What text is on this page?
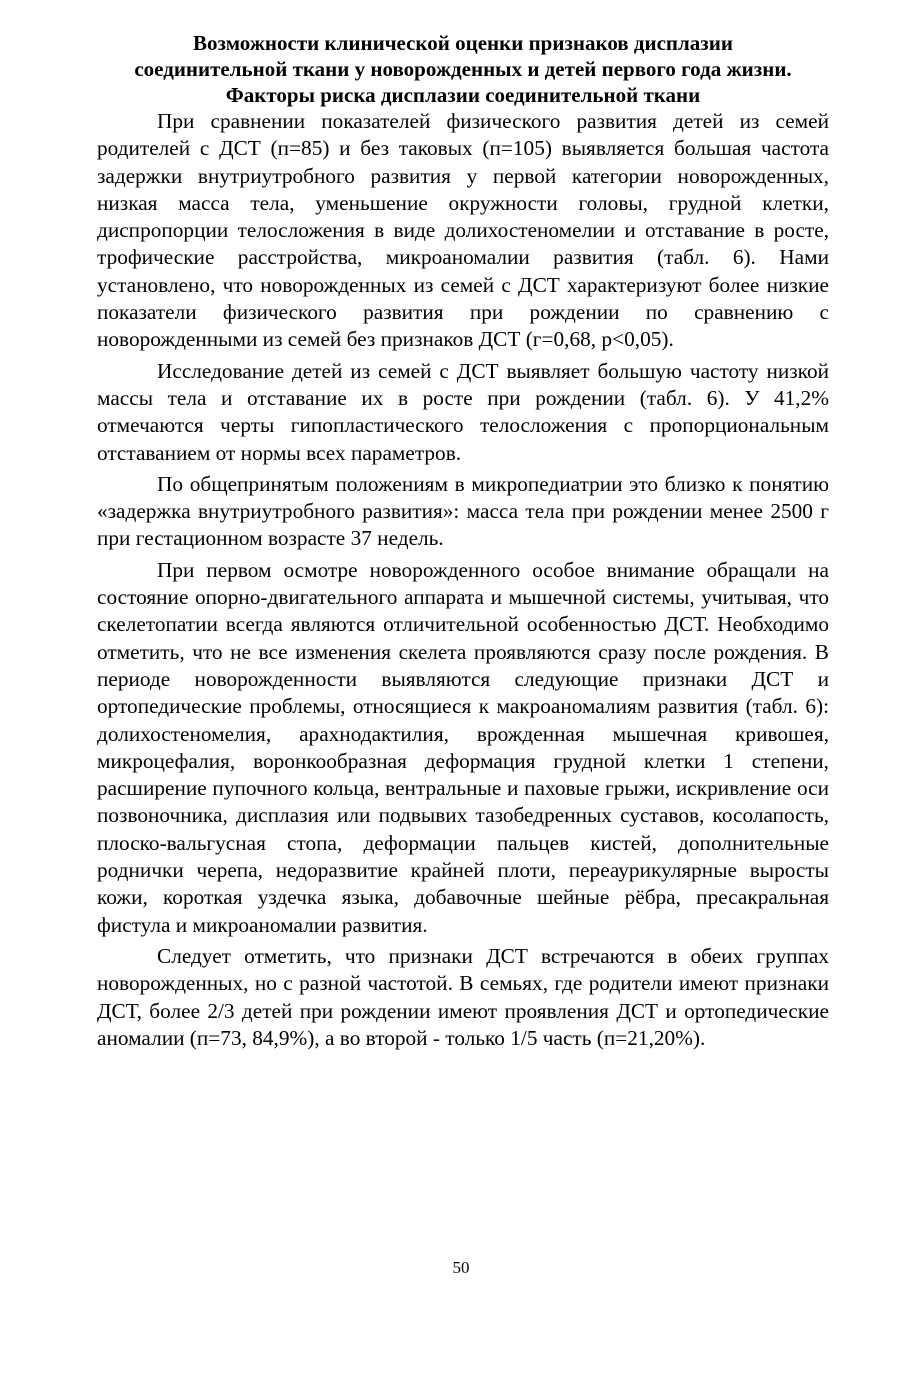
Возможности клинической оценки признаков дисплазии соединительной ткани у новорожденных и детей первого года жизни. Факторы риска дисплазии соединительной ткани

При сравнении показателей физического развития детей из семей родителей с ДСТ (п=85) и без таковых (п=105) выявляется большая частота задержки внутриутробного развития у первой категории новорожденных, низкая масса тела, уменьшение окружности головы, грудной клетки, диспропорции телосложения в виде долихостеномелии и отставание в росте, трофические расстройства, микроаномалии развития (табл. 6). Нами установлено, что новорожденных из семей с ДСТ характеризуют более низкие показатели физического развития при рождении по сравнению с новорожденными из семей без признаков ДСТ (г=0,68, р<0,05).

Исследование детей из семей с ДСТ выявляет большую частоту низкой массы тела и отставание их в росте при рождении (табл. 6). У 41,2% отмечаются черты гипопластического телосложения с пропорциональным отставанием от нормы всех параметров.

По общепринятым положениям в микропедиатрии это близко к понятию «задержка внутриутробного развития»: масса тела при рождении менее 2500 г при гестационном возрасте 37 недель.

При первом осмотре новорожденного особое внимание обращали на состояние опорно-двигательного аппарата и мышечной системы, учитывая, что скелетопатии всегда являются отличительной особенностью ДСТ. Необходимо отметить, что не все изменения скелета проявляются сразу после рождения. В периоде новорожденности выявляются следующие признаки ДСТ и ортопедические проблемы, относящиеся к макроаномалиям развития (табл. 6): долихостеномелия, арахнодактилия, врожденная мышечная кривошея, микроцефалия, воронкообразная деформация грудной клетки 1 степени, расширение пупочного кольца, вентральные и паховые грыжи, искривление оси позвоночника, дисплазия или подвывих тазобедренных суставов, косолапость, плоско-вальгусная стопа, деформации пальцев кистей, дополнительные роднички черепа, недоразвитие крайней плоти, переаурикулярные выросты кожи, короткая уздечка языка, добавочные шейные рёбра, пресакральная фистула и микроаномалии развития.

Следует отметить, что признаки ДСТ встречаются в обеих группах новорожденных, но с разной частотой. В семьях, где родители имеют признаки ДСТ, более 2/3 детей при рождении имеют проявления ДСТ и ортопедические аномалии (п=73, 84,9%), а во второй - только 1/5 часть (п=21,20%).

50
